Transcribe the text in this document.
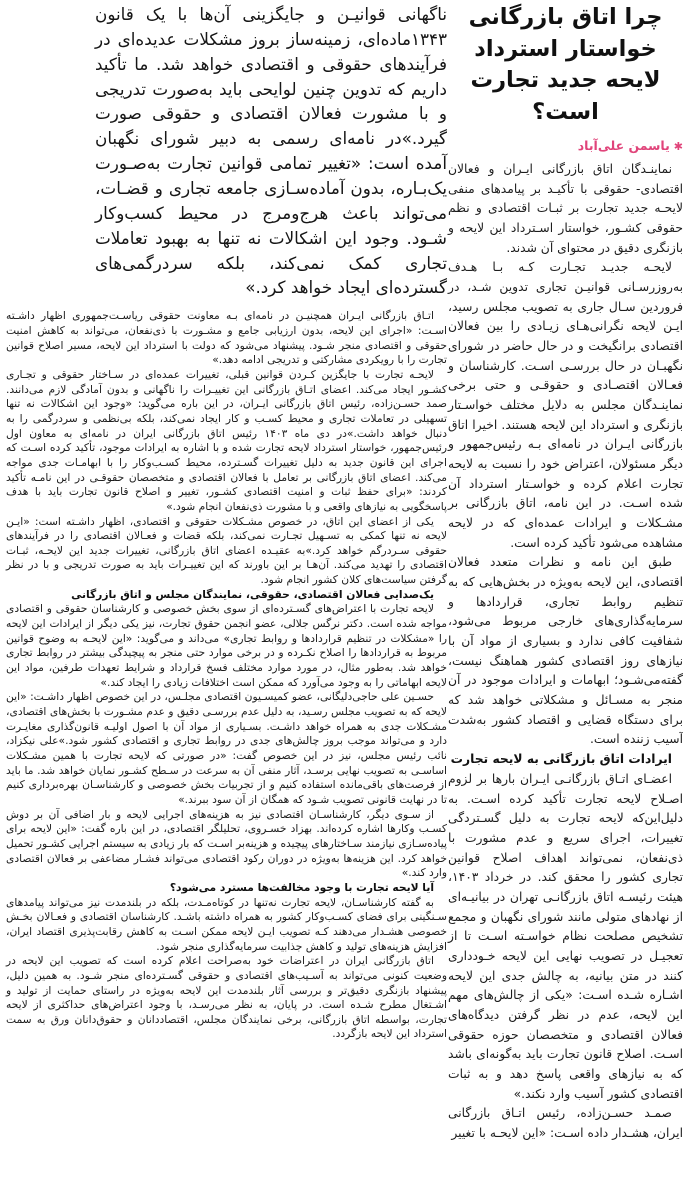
ناگهانی قوانیـن و جایگزینی آن‌ها با یک قانون ۱۳۴۳ماده‌ای، زمینه‌ساز بروز مشکلات عدیده‌ای در فرآیندهای حقوقی و اقتصادی خواهد شد. ما تأکید داریم که تدوین چنین لوایحی باید به‌صورت تدریجی و با مشورت فعالان اقتصادی و حقوقی صورت گیرد.»در نامه‌ای رسمی به دبیر شورای نگهبان آمده است: «تغییر تمامی قوانین تجارت به‌صـورت یک‌بـاره، بدون آماده‌سـازی جامعه تجاری و قضـات، می‌تواند باعث هرج‌ومرج در محیط کسب‌وکار شـود. وجود این اشکالات نه تنها به بهبود تعاملات تجاری کمک نمی‌کند، بلکه سردرگمی‌های گسترده‌ای ایجاد خواهد کرد.»

اتـاق بازرگانی ایـران همچنیـن در نامه‌ای بـه معاونت حقوقی ریاسـت‌جمهوری اظهار داشـته اسـت: «اجرای این لایحه، بدون ارزیابی جامع و مشـورت با ذی‌نفعان، می‌تواند به کاهش امنیت حقوقی و اقتصادی منجر شـود. پیشنهاد می‌شود که دولت با استرداد این لایحه، مسیر اصلاح قوانین تجارت را با رویکردی مشارکتی و تدریجی ادامه دهد.»

لایحـه تجارت با جایگزین کـردن قوانین قبلی، تغییرات عمده‌ای در سـاختار حقوقی و تجـاری کشـور ایجاد می‌کند. اعضای اتـاق بازرگانی این تغییـرات را ناگهانی و بدون آمادگی لازم می‌دانند. صمد حسـن‌زاده، رئیس اتاق بازرگانی ایـران، در این باره می‌گوید: «وجود این اشکالات نه تنها تسهیلی در تعاملات تجاری و محیط کسـب و کار ایجاد نمی‌کند، بلکه بی‌نظمی و سردرگمی را به دنبال خواهد داشت.»در دی ماه ۱۴۰۳ رئیس اتاق بازرگانی ایران در نامه‌ای به معاون اول رئیس‌جمهور، خواستار استرداد لایحه تجارت شده و با اشاره به ایرادات موجود، تأکید کرده اسـت که اجرای این قانون جدید به دلیل تغییرات گسـترده، محیط کسـب‌وکار را با ابهامـات جدی مواجه می‌کند. اعضای اتاق بازرگانی بر تعامل با فعالان اقتصادی و متخصصان حقوقـی در این نامـه تأکید کردند: «برای حفظ ثبات و امنیت اقتصادی کشـور، تغییر و اصلاح قانون تجارت باید با هدف پاسخگویی به نیازهای واقعی و با مشورت ذی‌نفعان انجام شود.»

یکی از اعضای این اتاق، در خصوص مشـکلات حقوقی و اقتصادی، اظهار داشـته است: «ایـن لایحه نه تنها کمکی به تسـهیل تجـارت نمی‌کند، بلکه قضات و فعـالان اقتصادی را در فرآیندهای حقوقی سـردرگم خواهد کرد.»به عقیـده اعضای اتاق بازرگانی، تغییرات جدید این لایحـه، ثبـات اقتصادی را تهدید می‌کند. آن‌هـا بر این باورند که این تغییـرات باید به صورت تدریجی و با در نظر گرفتن سیاست‌های کلان کشور انجام شود.

یک‌صدایی فعالان اقتصادی، حقوقی، نمایندگان مجلس و اتاق بازرگانی

لایحه تجارت با اعتراض‌های گسـترده‌ای از سوی بخش خصوصی و کارشناسان حقوقی و اقتصادی مواجه شده است. دکتر نرگس جلالی، عضو انجمن حقوق تجارت، نیز یکی دیگر از ایرادات این لایحه را «مشکلات در تنظیم قراردادها و روابط تجاری» می‌داند و می‌گوید: «این لایحـه به وضوح قوانین مربوط به قراردادها را اصلاح نکـرده و در برخی موارد حتی منجر به پیچیدگی بیشتر در روابط تجاری خواهد شد. به‌طور مثال، در مورد موارد مختلف فسخ قرارداد و شرایط تعهدات طرفین، مواد این لایحه ابهاماتی را به وجود می‌آورد که ممکن است اختلافات زیادی را ایجاد کند.»

حسـین علی حاجی‌دلیگانی، عضو کمیسـیون اقتصادی مجلـس، در این خصوص اظهار داشـت: «این لایحه که به تصویب مجلس رسـید، به دلیل عدم بررسـی دقیق و عدم مشـورت با بخش‌های اقتصادی، مشـکلات جدی به همراه خواهد داشـت. بسـیاری از مواد آن با اصول اولیـه قانون‌گذاری مغایـرت دارد و می‌تواند موجب بروز چالش‌های جدی در روابط تجاری و اقتصادی کشور شود.»علی نیکزاد، نائب رئیس مجلس، نیز در این خصوص گفت: «در صورتی که لایحه تجارت با همین مشـکلات اساسـی به تصویب نهایی برسـد، آثار منفی آن به سرعت در سـطح کشـور نمایان خواهد شد. ما باید از فرصت‌های باقی‌مانده استفاده کنیم و از تجربیات بخش خصوصی و کارشناسـان بهره‌برداری کنیم تا در نهایت قانونی تصویب شـود که همگان از آن سود ببرند.»

از سـوی دیگر، کارشناسـان اقتصادی نیز به هزینه‌های اجرایی لایحه و بار اضافی آن بر دوش کسـب وکارها اشاره کرده‌اند. بهزاد خسـروی، تحلیلگر اقتصادی، در این باره گفت: «این لایحه برای پیاده‌سـازی نیازمند سـاختارهای پیچیده و هزینه‌بر اسـت که بار زیادی به سیستم اجرایی کشـور تحمیل خواهد کرد. این هزینه‌ها به‌ویژه در دوران رکود اقتصادی می‌تواند فشـار مضاعفی بر فعالان اقتصادی وارد کند.»

آیا لایحه تجارت با وجود مخالفت‌ها مسترد می‌شود؟

به گفته کارشناسـان، لایحه تجارت نه‌تنها در کوتاه‌مـدت، بلکه در بلندمدت نیز می‌تواند پیامدهای سـنگینی برای فضای کسـب‌وکار کشور به همراه داشته باشـد. کارشناسان اقتصادی و فعـالان بخـش خصوصی هشـدار می‌دهند کـه تصویب ایـن لایحه ممکن اسـت به کاهش رقابت‌پذیری اقتصاد ایران، افزایش هزینه‌های تولید و کاهش جذابیت سرمایه‌گذاری منجر شود.

اتاق بازرگانی ایران در اعتراضات خود به‌صراحت اعلام کرده است که تصویب این لایحه در وضعیت کنونی می‌تواند به آسـیب‌های اقتصادی و حقوقی گسـترده‌ای منجر شـود. به همین دلیل، پیشنهاد بازنگری دقیق‌تر و بررسی آثار بلندمدت این لایحه به‌ویژه در راستای حمایت از تولید و اشـتغال مطرح شـده است. در پایان، به نظر می‌رسـد، با وجود اعتراض‌های حداکثری از لایحه تجارت، بواسطه اتاق بازرگانی، برخی نمایندگان مجلس، اقتصاددانان و حقوق‌دانان ورق به سمت استرداد این لایحه بازگردد.

چرا اتاق بازرگانی خواستار استرداد لایحه جدید تجارت است؟
✱یاسمن علی‌آباد

نماینـدگان اتاق بازرگانی ایـران و فعالان اقتصادی- حقوقی با تأکیـد بر پیامدهای منفی لایحـه جدید تجارت بر ثبـات اقتصادی و نظم حقوقی کشـور، خواستار اسـترداد این لایحه و بازنگری دقیق در محتوای آن شدند.

لایحـه جدیـد تجـارت کـه بـا هـدف به‌روزرسـانی قوانیـن تجاری تدوین شـد، در فروردین سـال جاری به تصویب مجلس رسید، ایـن لایحه نگرانی‌هـای زیـادی را بین فعالان اقتصادی برانگیخت و در حال حاضر در شورای نگهبـان در حال بررسـی اسـت. کارشناسان و فعـالان اقتصـادی و حقوقـی و حتی برخی نماینـدگان مجلس به دلایل مختلف خواسـتار بازنگری و استرداد این لایحه هستند. اخیرا اتاق بازرگانی ایـران در نامه‌ای بـه رئیس‌جمهور و دیگر مسئولان، اعتراض خود را نسبت به لایحه تجارت اعلام کرده و خواسـتار استرداد آن شده اسـت. در این نامه، اتاق بازرگانی بر مشـکلات و ایرادات عمده‌ای که در لایحه مشاهده می‌شود تأکید کرده است.

طبق این نامه و نظرات متعدد فعالان اقتصادی، این لایحه به‌ویژه در بخش‌هایی که به تنظیم روابط تجاری، قراردادها و سرمایه‌گذاری‌های خارجی مربوط می‌شود، شفافیت کافی ندارد و بسیاری از مواد آن با نیازهای روز اقتصادی کشور هماهنگ نیست، گفته‌می‌شـود؛ ابهامات و ایرادات موجود در آن منجر به مسـائل و مشکلاتی خواهد شد که برای دستگاه قضایی و اقتصاد کشور به‌شدت آسیب زننده است.

ایرادات اتاق بازرگانی به لایحه تجارت

اعضـای اتـاق بازرگانـی ایـران بارها بر لزوم اصـلاح لایحه تجارت تأکید کرده اسـت. به دلیل‌این‌که لایحه تجارت به دلیل گسـتردگی تغییرات، اجرای سریع و عدم مشورت با ذی‌نفعان، نمی‌تواند اهداف اصلاح قوانین تجاری کشور را محقق کند. در خرداد ۱۴۰۳، هیئت رئیسـه اتاق بازرگانـی تهران در بیانیـه‌ای از نهادهای متولی مانند شورای نگهبان و مجمع تشخیص مصلحت نظام خواسـته اسـت تا از تعجیـل در تصویب نهایی این لایحه خـودداری کنند در متن بیانیه، به چالش جدی این لایحه اشـاره شـده اسـت: «یکی از چالش‌های مهم این لایحه، عدم در نظر گرفتن دیدگاه‌های فعالان اقتصادی و متخصصان حوزه حقوقی اسـت. اصلاح قانون تجارت باید به‌گونه‌ای باشد که به نیازهای واقعی پاسخ دهد و به ثبات اقتصادی کشور آسیب وارد نکند.»

صمـد حسـن‌زاده، رئیس اتـاق بازرگانی ایران، هشـدار داده اسـت: «این لایحـه با تغییر
